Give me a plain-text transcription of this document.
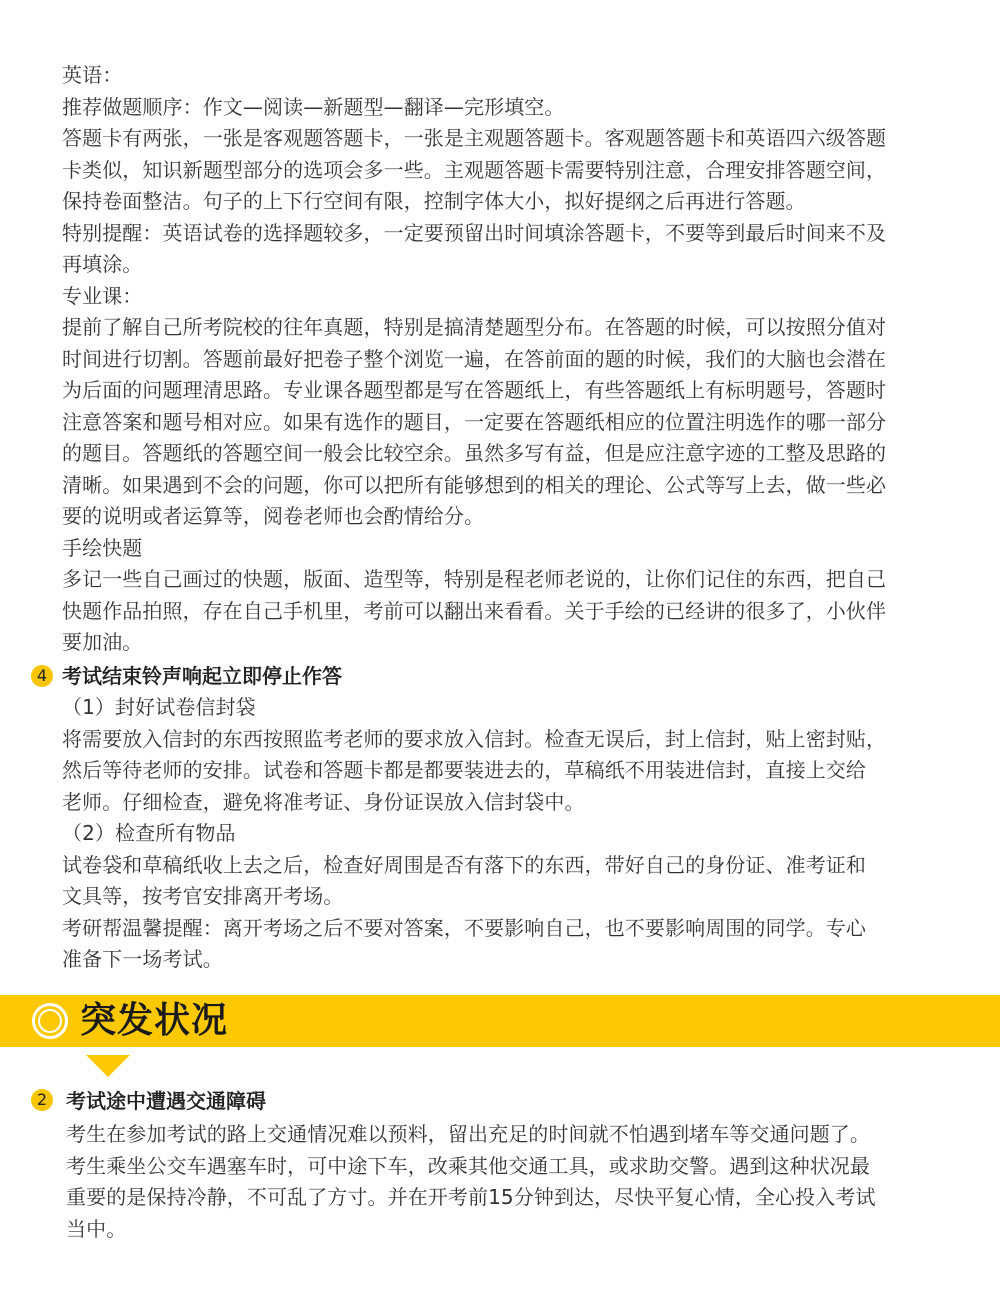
英语：
推荐做题顺序：作文—阅读—新题型—翻译—完形填空。
答题卡有两张，一张是客观题答题卡，一张是主观题答题卡。客观题答题卡和英语四六级答题
卡类似，知识新题型部分的选项会多一些。主观题答题卡需要特别注意，合理安排答题空间，
保持卷面整洁。句子的上下行空间有限，控制字体大小，拟好提纲之后再进行答题。
特别提醒：英语试卷的选择题较多，一定要预留出时间填涂答题卡，不要等到最后时间来不及
再填涂。
专业课：
提前了解自己所考院校的往年真题，特别是搞清楚题型分布。在答题的时候，可以按照分值对
时间进行切割。答题前最好把卷子整个浏览一遍，在答前面的题的时候，我们的大脑也会潜在
为后面的问题理清思路。专业课各题型都是写在答题纸上，有些答题纸上有标明题号，答题时
注意答案和题号相对应。如果有选作的题目，一定要在答题纸相应的位置注明选作的哪一部分
的题目。答题纸的答题空间一般会比较空余。虽然多写有益，但是应注意字迹的工整及思路的
清晰。如果遇到不会的问题，你可以把所有能够想到的相关的理论、公式等写上去，做一些必
要的说明或者运算等，阅卷老师也会酌情给分。
手绘快题
多记一些自己画过的快题，版面、造型等，特别是程老师老说的，让你们记住的东西，把自己
快题作品拍照，存在自己手机里，考前可以翻出来看看。关于手绘的已经讲的很多了，小伙伴
要加油。
4 考试结束铃声响起立即停止作答
（1）封好试卷信封袋
将需要放入信封的东西按照监考老师的要求放入信封。检查无误后，封上信封，贴上密封贴，
然后等待老师的安排。试卷和答题卡都是都要装进去的，草稿纸不用装进信封，直接上交给
老师。仔细检查，避免将准考证、身份证误放入信封袋中。
（2）检查所有物品
试卷袋和草稿纸收上去之后，检查好周围是否有落下的东西，带好自己的身份证、准考证和
文具等，按考官安排离开考场。
考研帮温馨提醒：离开考场之后不要对答案，不要影响自己，也不要影响周围的同学。专心
准备下一场考试。
突发状况
2 考试途中遭遇交通障碍
考生在参加考试的路上交通情况难以预料，留出充足的时间就不怕遇到堵车等交通问题了。
考生乘坐公交车遇塞车时，可中途下车，改乘其他交通工具，或求助交警。遇到这种状况最
重要的是保持冷静，不可乱了方寸。并在开考前15分钟到达，尽快平复心情，全心投入考试
当中。
